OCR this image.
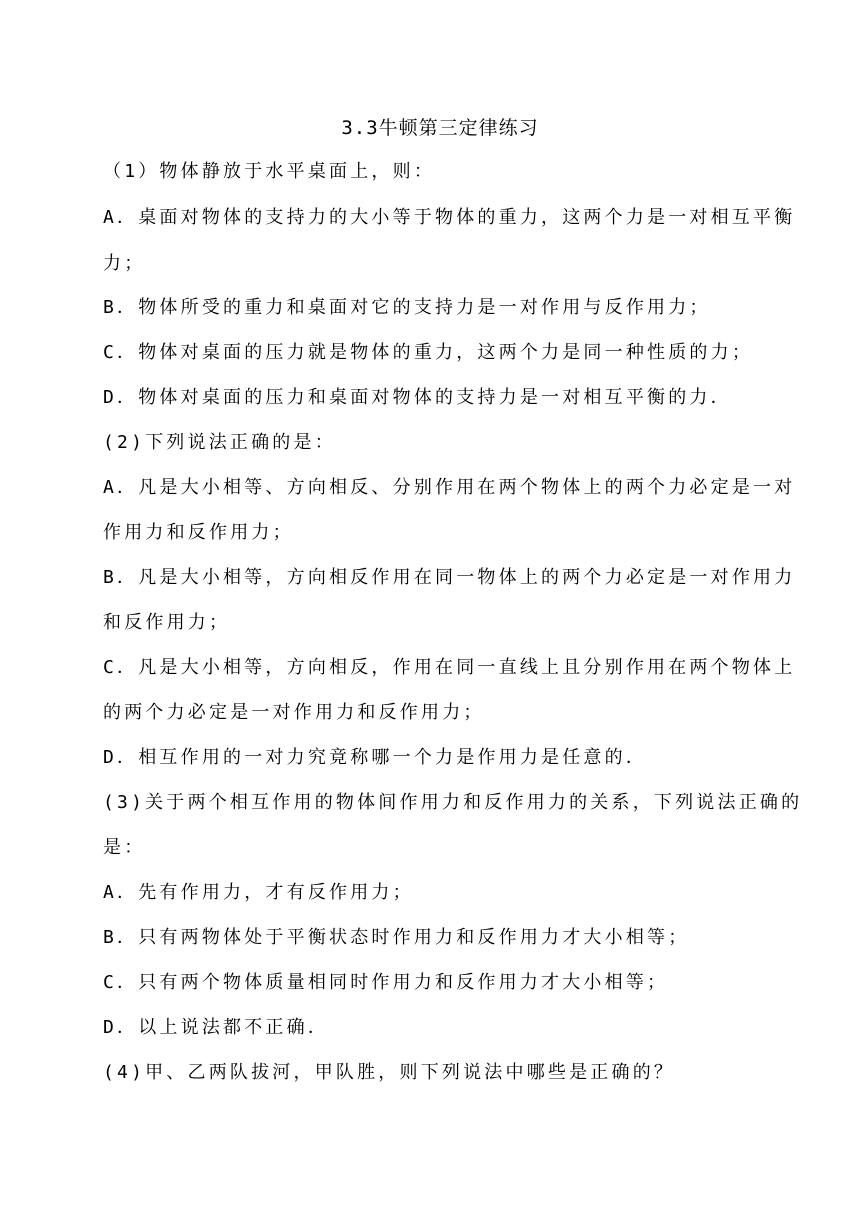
3.3牛顿第三定律练习
（1）物体静放于水平桌面上，则：
A．桌面对物体的支持力的大小等于物体的重力，这两个力是一对相互平衡
力；
B．物体所受的重力和桌面对它的支持力是一对作用与反作用力；
C．物体对桌面的压力就是物体的重力，这两个力是同一种性质的力；
D．物体对桌面的压力和桌面对物体的支持力是一对相互平衡的力．
(2)下列说法正确的是：
A．凡是大小相等、方向相反、分别作用在两个物体上的两个力必定是一对
作用力和反作用力；
B．凡是大小相等，方向相反作用在同一物体上的两个力必定是一对作用力
和反作用力；
C．凡是大小相等，方向相反，作用在同一直线上且分别作用在两个物体上
的两个力必定是一对作用力和反作用力；
D．相互作用的一对力究竟称哪一个力是作用力是任意的．
(3)关于两个相互作用的物体间作用力和反作用力的关系，下列说法正确的
是：
A．先有作用力，才有反作用力；
B．只有两物体处于平衡状态时作用力和反作用力才大小相等；
C．只有两个物体质量相同时作用力和反作用力才大小相等；
D．以上说法都不正确．
(4)甲、乙两队拔河，甲队胜，则下列说法中哪些是正确的？
